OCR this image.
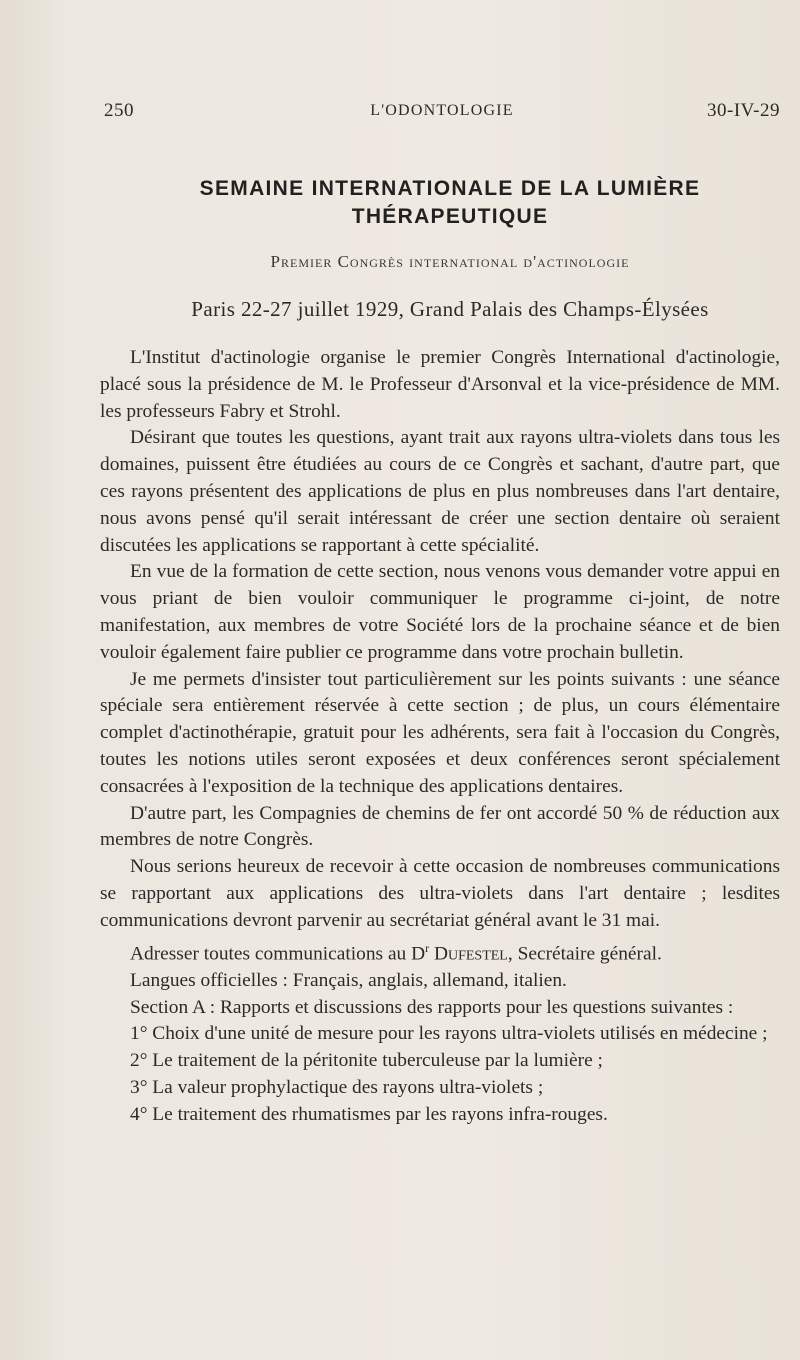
250	L'ODONTOLOGIE	30-IV-29
SEMAINE INTERNATIONALE DE LA LUMIÈRE
THÉRAPEUTIQUE
Premier Congrès international d'actinologie
Paris 22-27 juillet 1929, Grand Palais des Champs-Élysées

L'Institut d'actinologie organise le premier Congrès International d'actinologie, placé sous la présidence de M. le Professeur d'Arsonval et la vice-présidence de MM. les professeurs Fabry et Strohl.

Désirant que toutes les questions, ayant trait aux rayons ultra-violets dans tous les domaines, puissent être étudiées au cours de ce Congrès et sachant, d'autre part, que ces rayons présentent des applications de plus en plus nombreuses dans l'art dentaire, nous avons pensé qu'il serait intéressant de créer une section dentaire où seraient discutées les applications se rapportant à cette spécialité.

En vue de la formation de cette section, nous venons vous demander votre appui en vous priant de bien vouloir communiquer le programme ci-joint, de notre manifestation, aux membres de votre Société lors de la prochaine séance et de bien vouloir également faire publier ce programme dans votre prochain bulletin.

Je me permets d'insister tout particulièrement sur les points suivants : une séance spéciale sera entièrement réservée à cette section ; de plus, un cours élémentaire complet d'actinothérapie, gratuit pour les adhérents, sera fait à l'occasion du Congrès, toutes les notions utiles seront exposées et deux conférences seront spécialement consacrées à l'exposition de la technique des applications dentaires.

D'autre part, les Compagnies de chemins de fer ont accordé 50 % de réduction aux membres de notre Congrès.

Nous serions heureux de recevoir à cette occasion de nombreuses communications se rapportant aux applications des ultra-violets dans l'art dentaire ; lesdites communications devront parvenir au secrétariat général avant le 31 mai.

Adresser toutes communications au $D^r$ Dufestel, Secrétaire général.

Langues officielles : Français, anglais, allemand, italien.

Section A : Rapports et discussions des rapports pour les questions suivantes :

1° Choix d'une unité de mesure pour les rayons ultra-violets utilisés en médecine ;

2° Le traitement de la péritonite tuberculeuse par la lumière ;

3° La valeur prophylactique des rayons ultra-violets ;

4° Le traitement des rhumatismes par les rayons infra-rouges.
